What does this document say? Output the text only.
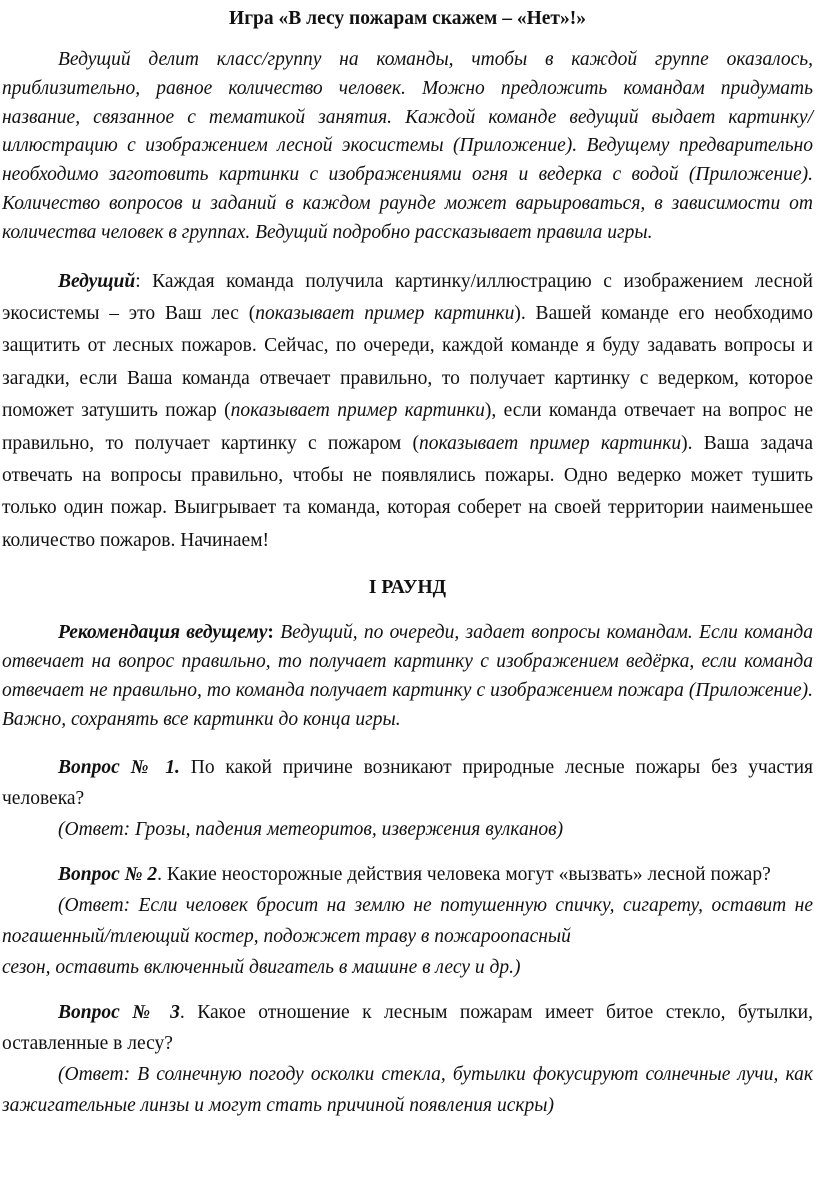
Игра «В лесу пожарам скажем – «Нет»!»

Ведущий делит класс/группу на команды, чтобы в каждой группе оказалось, приблизительно, равное количество человек. Можно предложить командам придумать название, связанное с тематикой занятия. Каждой команде ведущий выдает картинку/иллюстрацию с изображением лесной экосистемы (Приложение). Ведущему предварительно необходимо заготовить картинки с изображениями огня и ведерка с водой (Приложение). Количество вопросов и заданий в каждом раунде может варьироваться, в зависимости от количества человек в группах. Ведущий подробно рассказывает правила игры.

Ведущий: Каждая команда получила картинку/иллюстрацию с изображением лесной экосистемы – это Ваш лес (показывает пример картинки). Вашей команде его необходимо защитить от лесных пожаров. Сейчас, по очереди, каждой команде я буду задавать вопросы и загадки, если Ваша команда отвечает правильно, то получает картинку с ведерком, которое поможет затушить пожар (показывает пример картинки), если команда отвечает на вопрос не правильно, то получает картинку с пожаром (показывает пример картинки). Ваша задача отвечать на вопросы правильно, чтобы не появлялись пожары. Одно ведерко может тушить только один пожар. Выигрывает та команда, которая соберет на своей территории наименьшее количество пожаров. Начинаем!

I РАУНД

Рекомендация ведущему: Ведущий, по очереди, задает вопросы командам. Если команда отвечает на вопрос правильно, то получает картинку с изображением ведёрка, если команда отвечает не правильно, то команда получает картинку с изображением пожара (Приложение). Важно, сохранять все картинки до конца игры.

Вопрос № 1. По какой причине возникают природные лесные пожары без участия человека?

(Ответ: Грозы, падения метеоритов, извержения вулканов)

Вопрос № 2. Какие неосторожные действия человека могут «вызвать» лесной пожар?

(Ответ: Если человек бросит на землю не потушенную спичку, сигарету, оставит не погашенный/тлеющий костер, подожжет траву в пожароопасный

сезон, оставить включенный двигатель в машине в лесу и др.)

Вопрос № 3. Какое отношение к лесным пожарам имеет битое стекло, бутылки, оставленные в лесу?

(Ответ: В солнечную погоду осколки стекла, бутылки фокусируют солнечные лучи, как зажигательные линзы и могут стать причиной появления искры)
